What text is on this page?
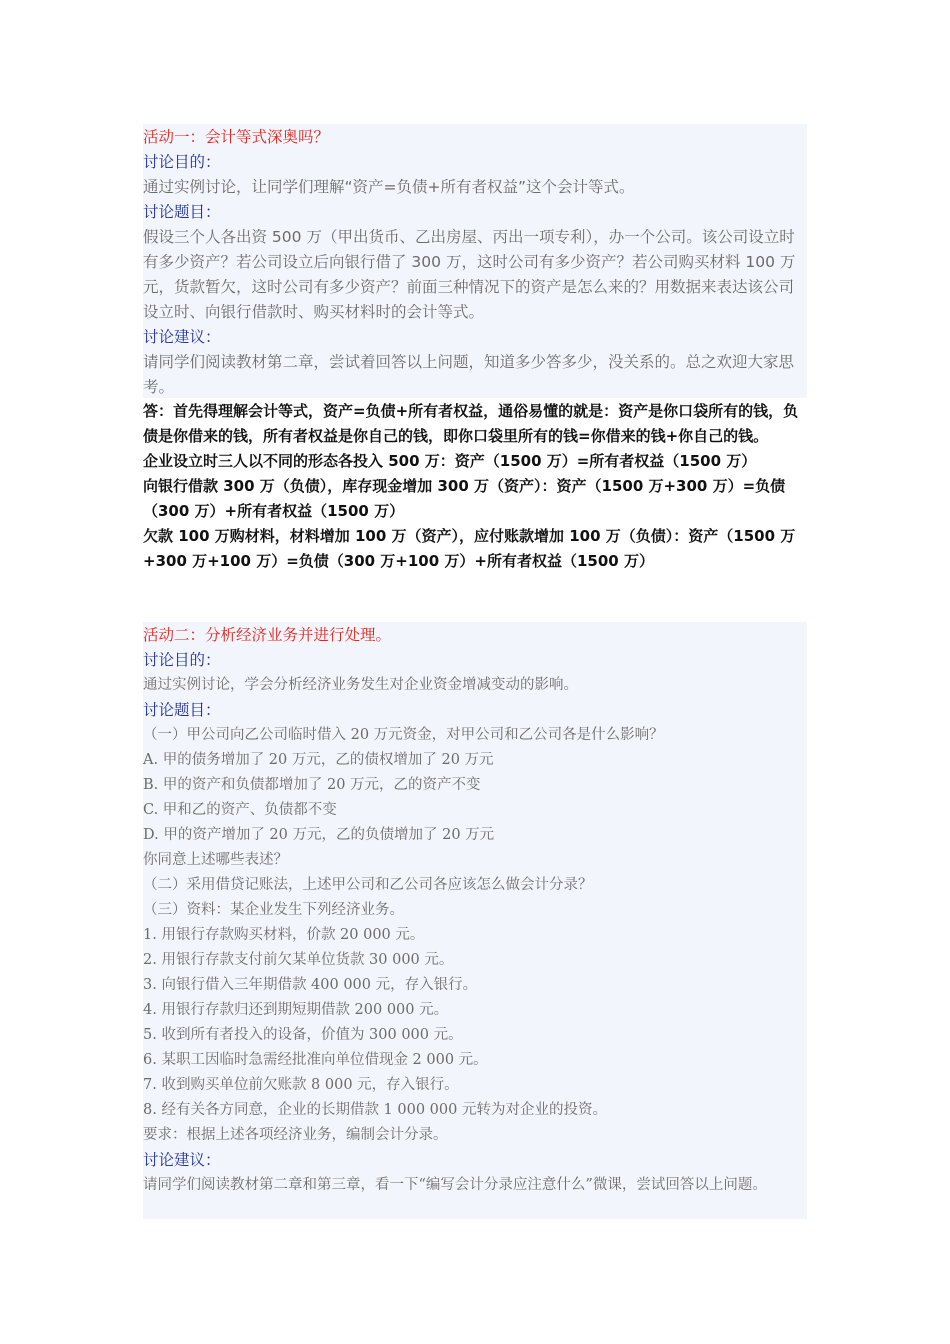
活动一：会计等式深奥吗？
讨论目的：
通过实例讨论，让同学们理解“资产=负债+所有者权益”这个会计等式。
讨论题目：
假设三个人各出资 500 万（甲出货币、乙出房屋、丙出一项专利），办一个公司。该公司设立时有多少资产？若公司设立后向银行借了 300 万，这时公司有多少资产？若公司购买材料 100 万元，货款暂欠，这时公司有多少资产？前面三种情况下的资产是怎么来的？用数据来表达该公司设立时、向银行借款时、购买材料时的会计等式。
讨论建议：
请同学们阅读教材第二章，尝试着回答以上问题，知道多少答多少，没关系的。总之欢迎大家思考。
答：首先得理解会计等式，资产=负债+所有者权益，通俗易懂的就是：资产是你口袋所有的钱，负债是你借来的钱，所有者权益是你自己的钱，即你口袋里所有的钱=你借来的钱+你自己的钱。
企业设立时三人以不同的形态各投入 500 万：资产（1500 万）=所有者权益（1500 万）
向银行借款 300 万（负债），库存现金增加 300 万（资产）：资产（1500 万+300 万）=负债（300 万）+所有者权益（1500 万）
欠款 100 万购材料，材料增加 100 万（资产），应付账款增加 100 万（负债）：资产（1500 万+300 万+100 万）=负债（300 万+100 万）+所有者权益（1500 万）
活动二：分析经济业务并进行处理。
讨论目的：
通过实例讨论，学会分析经济业务发生对企业资金增减变动的影响。
讨论题目：
（一）甲公司向乙公司临时借入 20 万元资金，对甲公司和乙公司各是什么影响？
A. 甲的债务增加了 20 万元，乙的债权增加了 20 万元
B. 甲的资产和负债都增加了 20 万元，乙的资产不变
C. 甲和乙的资产、负债都不变
D. 甲的资产增加了 20 万元，乙的负债增加了 20 万元
你同意上述哪些表述？
（二）采用借贷记账法，上述甲公司和乙公司各应该怎么做会计分录？
（三）资料：某企业发生下列经济业务。
1. 用银行存款购买材料，价款 20 000 元。
2. 用银行存款支付前欠某单位货款 30 000 元。
3. 向银行借入三年期借款 400 000 元，存入银行。
4. 用银行存款归还到期短期借款 200 000 元。
5. 收到所有者投入的设备，价值为 300 000 元。
6. 某职工因临时急需经批准向单位借现金 2 000 元。
7. 收到购买单位前欠账款 8 000 元，存入银行。
8. 经有关各方同意，企业的长期借款 1 000 000 元转为对企业的投资。
要求：根据上述各项经济业务，编制会计分录。
讨论建议：
请同学们阅读教材第二章和第三章，看一下“编写会计分录应注意什么”微课，尝试回答以上问题。
